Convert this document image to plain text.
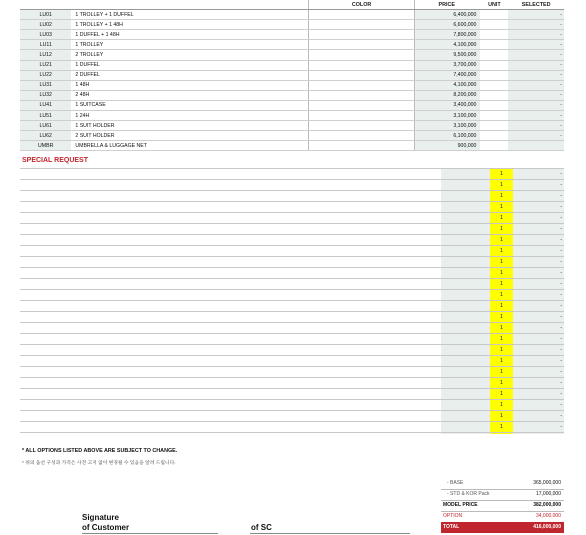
		COLOR	PRICE	UNIT	SELECTED
LU01	1 TROLLEY + 1 DUFFEL		6,400,000		-
LU02	1 TROLLEY + 1 48H		6,600,000		-
LU03	1 DUFFEL + 1 48H		7,800,000		-
LU11	1 TROLLEY		4,100,000		-
LU12	2 TROLLEY		9,500,000		-
LU21	1 DUFFEL		3,700,000		-
LU22	2 DUFFEL		7,400,000		-
LU31	1 48H		4,100,000		-
LU32	2 48H		8,200,000		-
LU41	1 SUITCASE		3,400,000		-
LU51	1 24H		3,100,000		-
LU61	1 SUIT HOLDER		3,100,000		-
LU62	2 SUIT HOLDER		6,100,000		-
UMBR	UMBRELLA & LUGGAGE NET		900,000		
SPECIAL REQUEST
1	-
1	-
1	-
1	-
1	-
1	-
1	-
1	-
1	-
1	-
1	-
1	-
1	-
1	-
1	-
1	-
1	-
1	-
1	-
1	-
1	-
1	-
1	-
1	-
* ALL OPTIONS LISTED ABOVE ARE SUBJECT TO CHANGE.
* 위의 옵션 구성과 가격은 사전 고지 없이 변경될 수 있음을 알려 드립니다.
Signature
of Customer	of SC
- BASE	365,000,000
- STD & KOR Pack	17,000,000
MODEL PRICE	382,000,000
OPTION	34,000,000
TOTAL	416,000,000
